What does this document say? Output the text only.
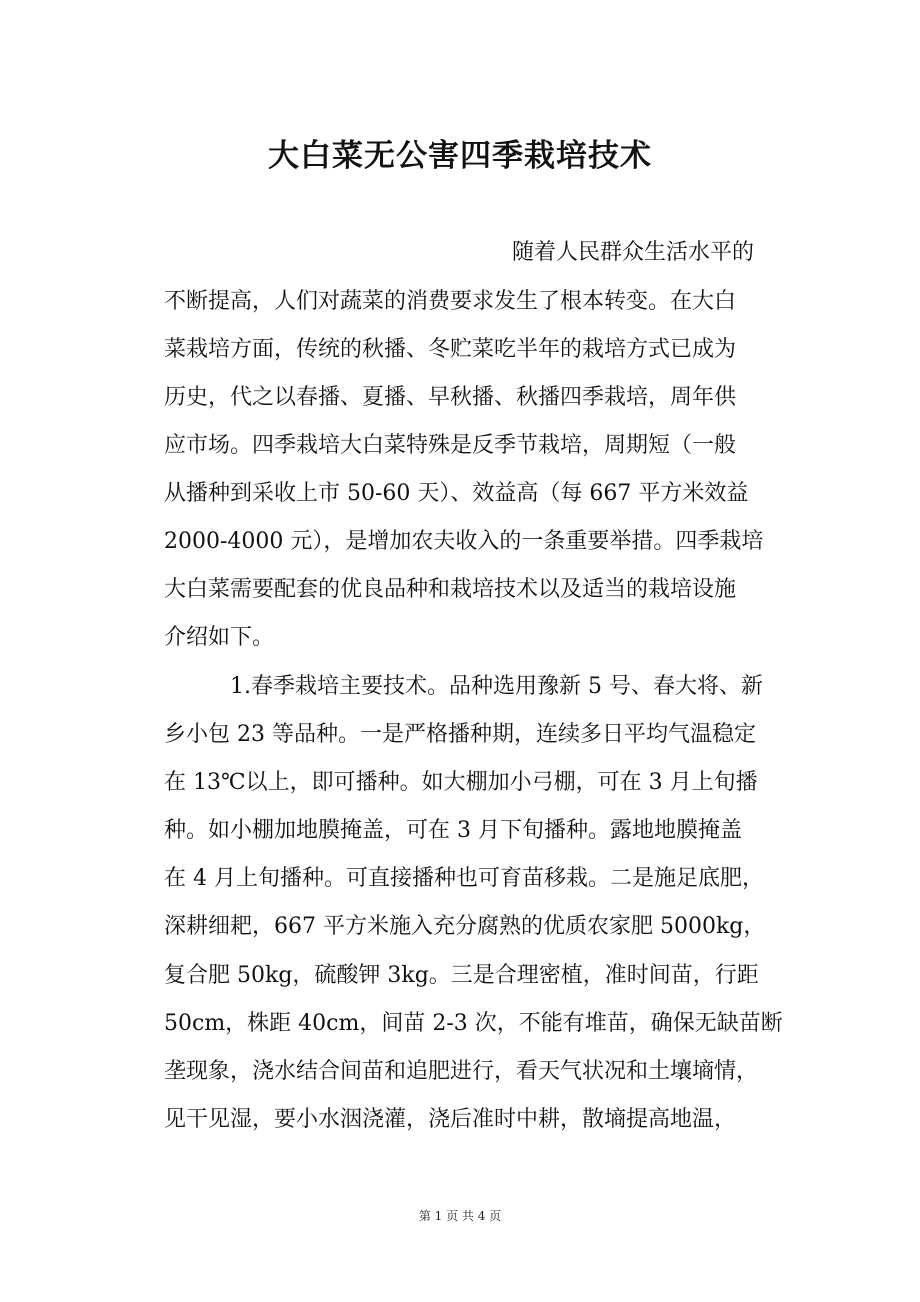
大白菜无公害四季栽培技术
随着人民群众生活水平的
不断提高，人们对蔬菜的消费要求发生了根本转变。在大白
菜栽培方面，传统的秋播、冬贮菜吃半年的栽培方式已成为
历史，代之以春播、夏播、早秋播、秋播四季栽培，周年供
应市场。四季栽培大白菜特殊是反季节栽培，周期短（一般
从播种到采收上市 50-60 天）、效益高（每 667 平方米效益
2000-4000 元），是增加农夫收入的一条重要举措。四季栽培
大白菜需要配套的优良品种和栽培技术以及适当的栽培设施
介绍如下。
1.春季栽培主要技术。品种选用豫新 5 号、春大将、新
乡小包 23 等品种。一是严格播种期，连续多日平均气温稳定
在 13℃以上，即可播种。如大棚加小弓棚，可在 3 月上旬播
种。如小棚加地膜掩盖，可在 3 月下旬播种。露地地膜掩盖
在 4 月上旬播种。可直接播种也可育苗移栽。二是施足底肥，
深耕细耙，667 平方米施入充分腐熟的优质农家肥 5000kg，
复合肥 50kg，硫酸钾 3kg。三是合理密植，准时间苗，行距
50cm，株距 40cm，间苗 2-3 次，不能有堆苗，确保无缺苗断
垄现象，浇水结合间苗和追肥进行，看天气状况和土壤墒情，
见干见湿，要小水洇浇灌，浇后准时中耕，散墒提高地温，
第 1 页 共 4 页
